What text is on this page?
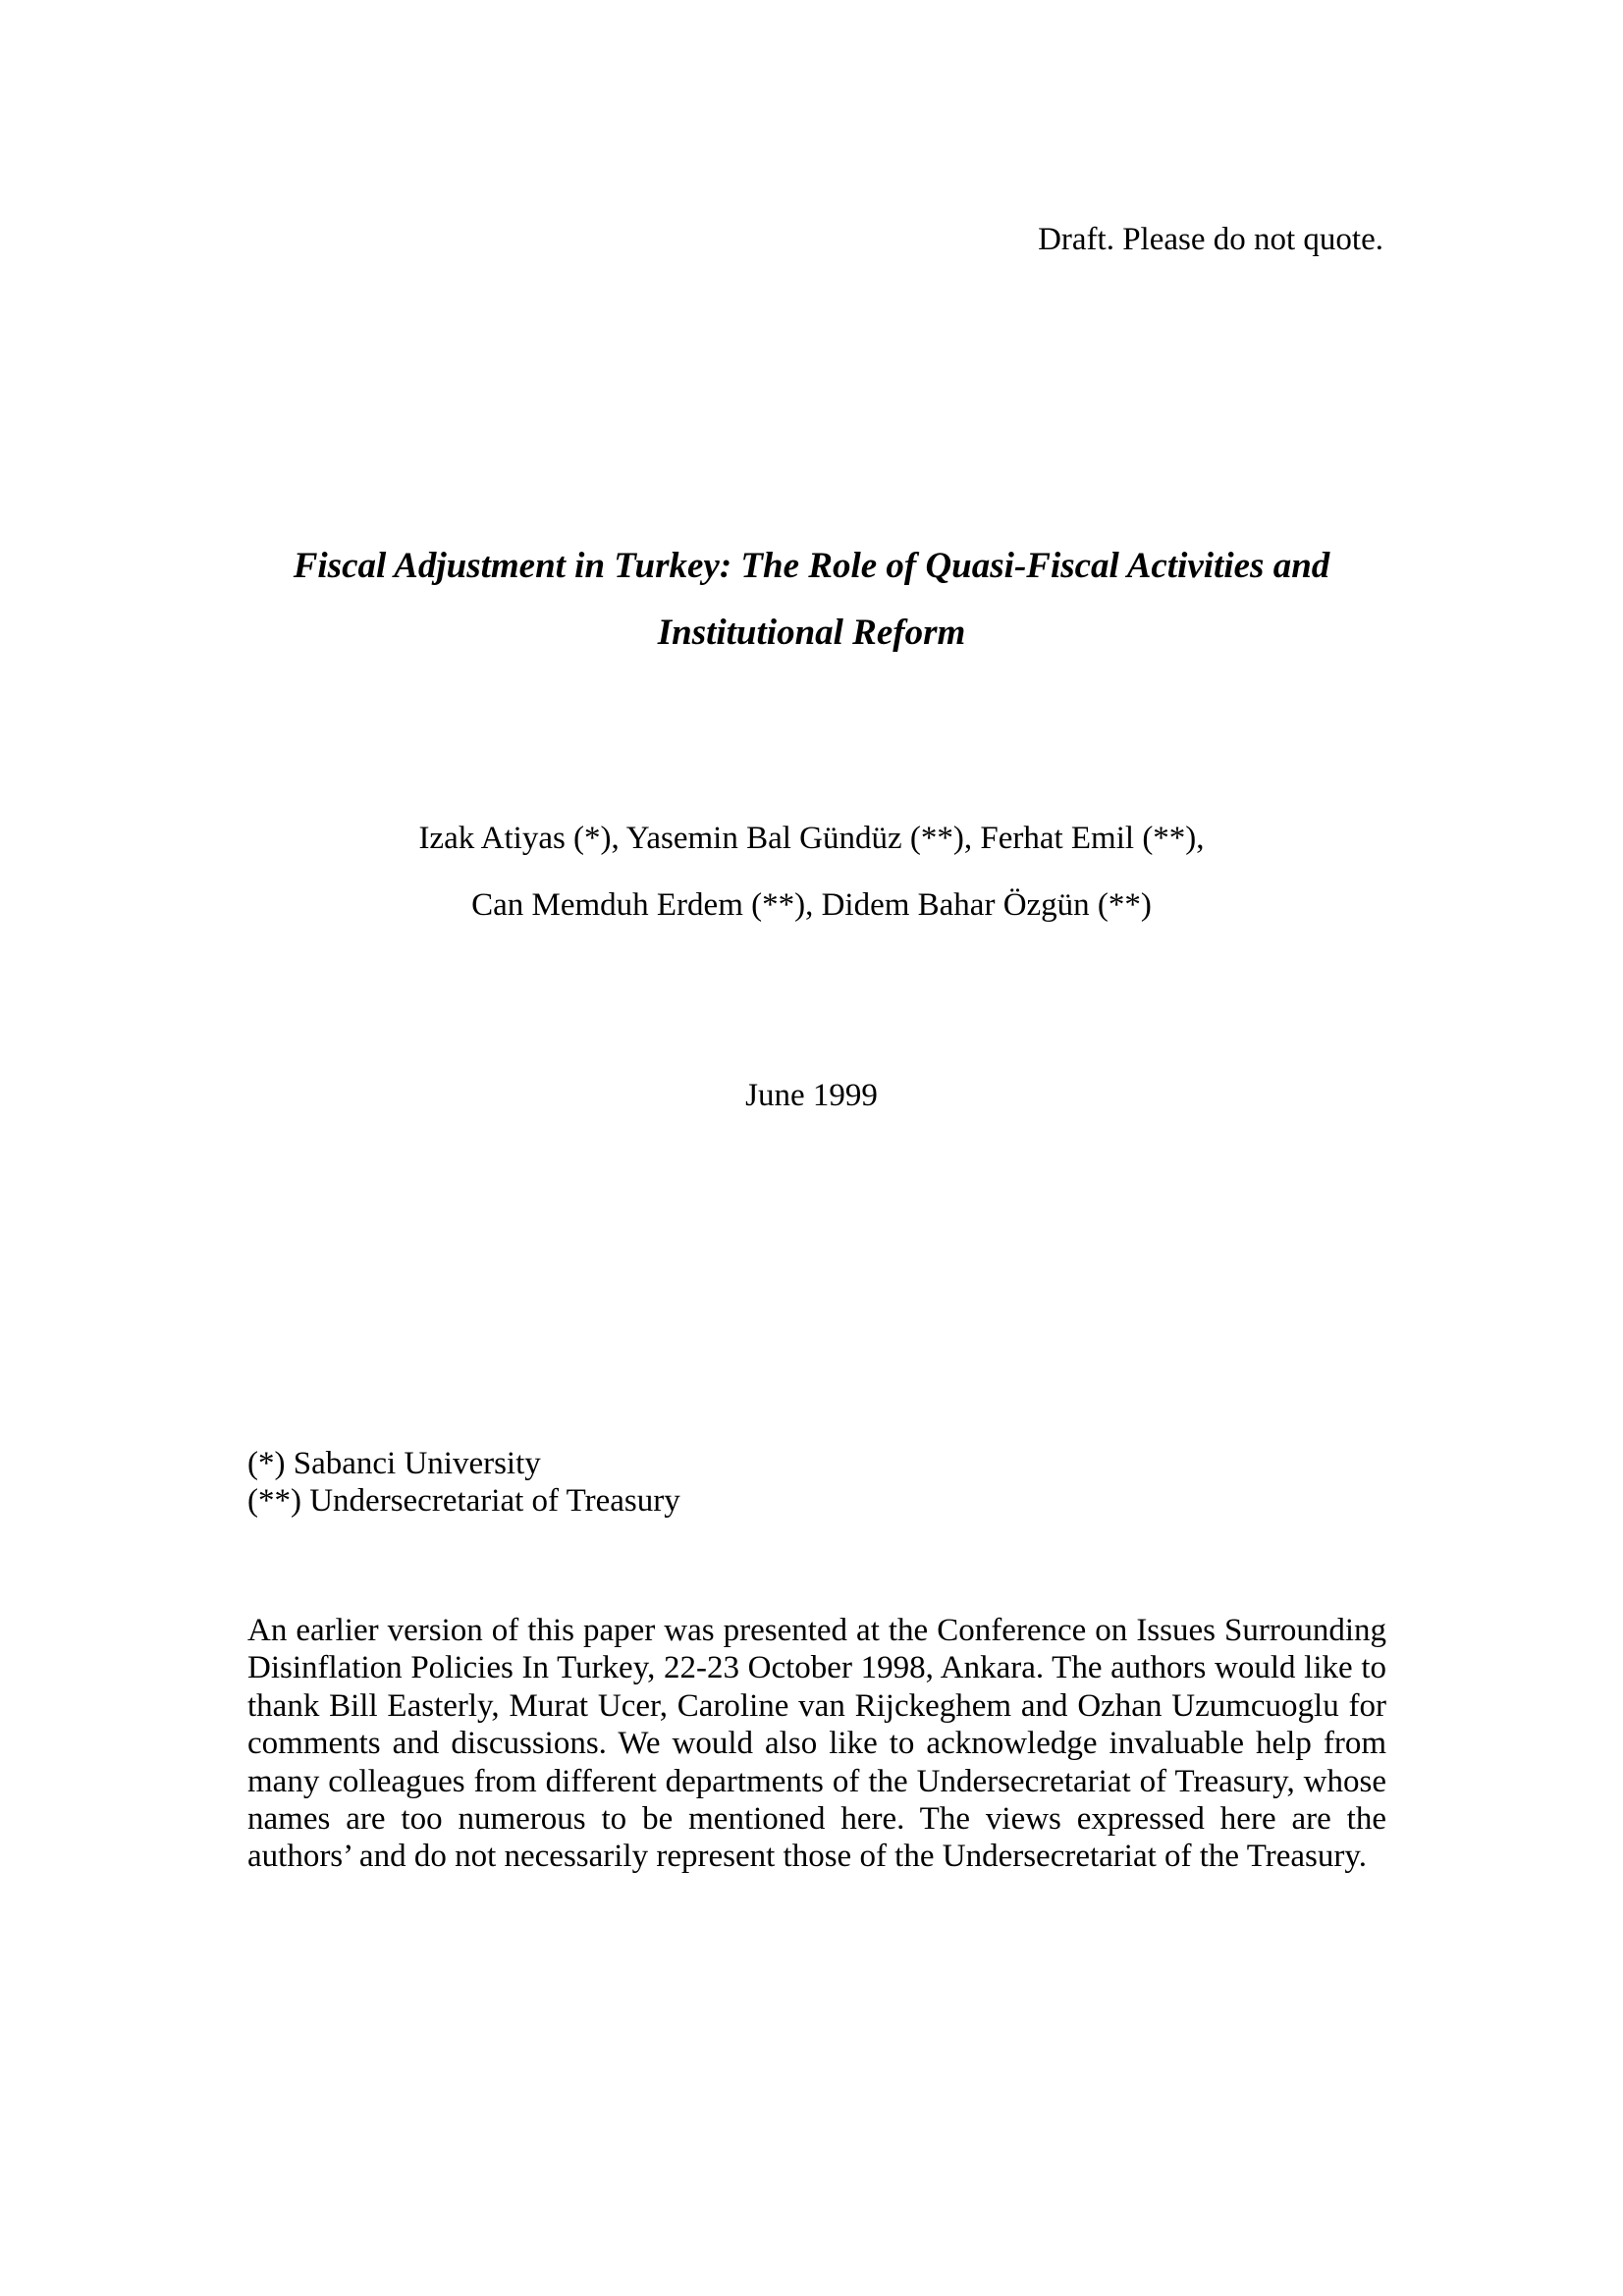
Draft. Please do not quote.
Fiscal Adjustment in Turkey: The Role of Quasi-Fiscal Activities and
Institutional Reform
Izak Atiyas (*), Yasemin Bal Gündüz (**), Ferhat Emil (**),
Can Memduh Erdem (**), Didem Bahar Özgün (**)
June 1999
(*) Sabanci University
(**) Undersecretariat of Treasury

An earlier version of this paper was presented at the Conference on Issues Surrounding Disinflation Policies In Turkey, 22-23 October 1998, Ankara. The authors would like to thank Bill Easterly, Murat Ucer, Caroline van Rijckeghem and Ozhan Uzumcuoglu for comments and discussions. We would also like to acknowledge invaluable help from many colleagues from different departments of the Undersecretariat of Treasury, whose names are too numerous to be mentioned here. The views expressed here are the authors’ and do not necessarily represent those of the Undersecretariat of the Treasury.
